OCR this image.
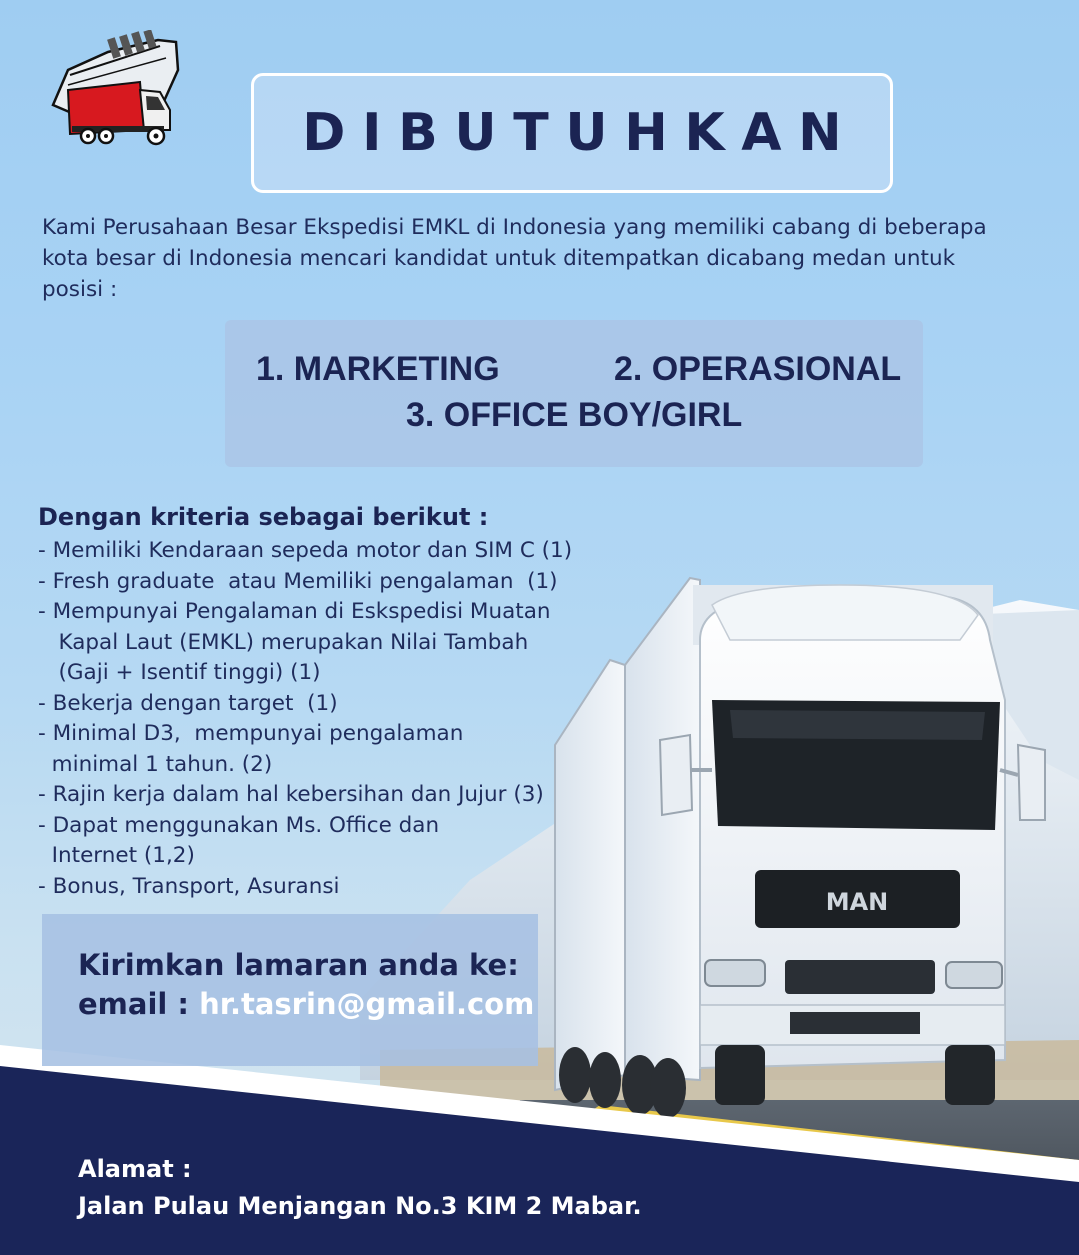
MAN
DIBUTUHKAN

Kami Perusahaan Besar Ekspedisi EMKL di Indonesia yang memiliki cabang di beberapa kota besar di Indonesia mencari kandidat untuk ditempatkan dicabang medan untuk posisi :

1. MARKETING	2. OPERASIONAL
3. OFFICE BOY/GIRL
Dengan kriteria sebagai berikut :
- Memiliki Kendaraan sepeda motor dan SIM C (1)
- Fresh graduate  atau Memiliki pengalaman  (1)
- Mempunyai Pengalaman di Eskspedisi Muatan
Kapal Laut (EMKL) merupakan Nilai Tambah
(Gaji + Isentif tinggi) (1)
- Bekerja dengan target  (1)
- Minimal D3,  mempunyai pengalaman
minimal 1 tahun. (2)
- Rajin kerja dalam hal kebersihan dan Jujur (3)
- Dapat menggunakan Ms. Office dan
Internet (1,2)
- Bonus, Transport, Asuransi
Kirimkan lamaran anda ke:
email : hr.tasrin@gmail.com
Alamat :
Jalan Pulau Menjangan No.3 KIM 2 Mabar.
